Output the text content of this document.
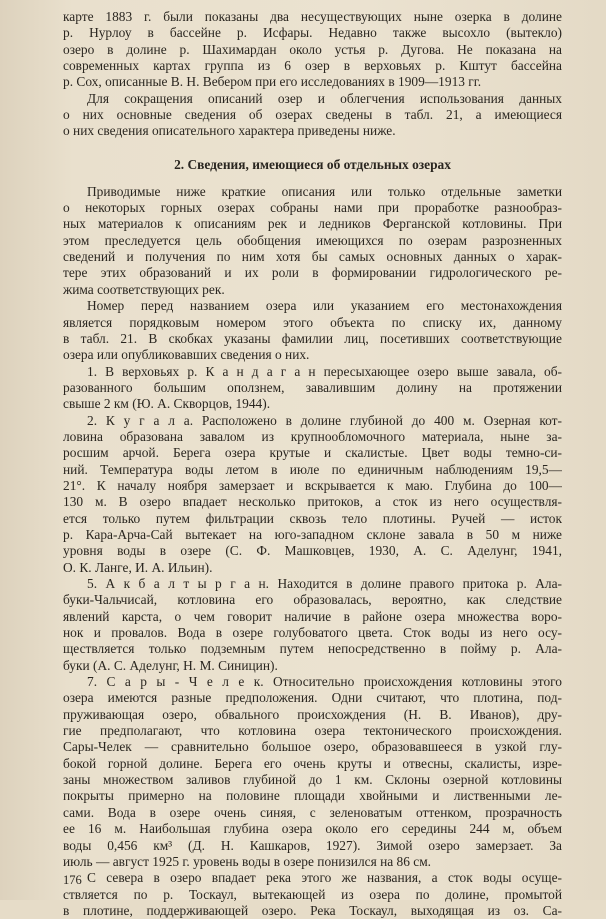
карте 1883 г. были показаны два несуществующих ныне озерка в долине
р. Нурлоу в бассейне р. Исфары. Недавно также высохло (вытекло)
озеро в долине р. Шахимардан около устья р. Дугова. Не показана на
современных картах группа из 6 озер в верховьях р. Кштут бассейна
р. Сох, описанные В. Н. Вебером при его исследованиях в 1909—1913 гг.
Для сокращения описаний озер и облегчения использования данных
о них основные сведения об озерах сведены в табл. 21, а имеющиеся
о них сведения описательного характера приведены ниже.
2. Сведения, имеющиеся об отдельных озерах
Приводимые ниже краткие описания или только отдельные заметки
о некоторых горных озерах собраны нами при проработке разнообраз-
ных материалов к описаниям рек и ледников Ферганской котловины. При
этом преследуется цель обобщения имеющихся по озерам разрозненных
сведений и получения по ним хотя бы самых основных данных о харак-
тере этих образований и их роли в формировании гидрологического ре-
жима соответствующих рек.
Номер перед названием озера или указанием его местонахождения
является порядковым номером этого объекта по списку их, данному
в табл. 21. В скобках указаны фамилии лиц, посетивших соответствующие
озера или опубликовавших сведения о них.
1. В верховьях р. К а н д а г а н пересыхающее озеро выше завала, об-
разованного большим оползнем, завалившим долину на протяжении
свыше 2 км (Ю. А. Скворцов, 1944).
2. К у г а л а. Расположено в долине глубиной до 400 м. Озерная кот-
ловина образована завалом из крупнообломочного материала, ныне за-
росшим арчой. Берега озера крутые и скалистые. Цвет воды темно-си-
ний. Температура воды летом в июле по единичным наблюдениям 19,5—
21°. К началу ноября замерзает и вскрывается к маю. Глубина до 100—
130 м. В озеро впадает несколько притоков, а сток из него осуществля-
ется только путем фильтрации сквозь тело плотины. Ручей — исток
р. Кара-Арча-Сай вытекает на юго-западном склоне завала в 50 м ниже
уровня воды в озере (С. Ф. Машковцев, 1930, А. С. Аделунг, 1941,
О. К. Ланге, И. А. Ильин).
5. А к б а л т ы р г а н. Находится в долине правого притока р. Ала-
буки-Чальчисай, котловина его образовалась, вероятно, как следствие
явлений карста, о чем говорит наличие в районе озера множества воро-
нок и провалов. Вода в озере голубоватого цвета. Сток воды из него осу-
ществляется только подземным путем непосредственно в пойму р. Ала-
буки (А. С. Аделунг, Н. М. Синицин).
7. С а р ы - Ч е л е к. Относительно происхождения котловины этого
озера имеются разные предположения. Одни считают, что плотина, под-
пруживающая озеро, обвального происхождения (Н. В. Иванов), дру-
гие предполагают, что котловина озера тектонического происхождения.
Сары-Челек — сравнительно большое озеро, образовавшееся в узкой глу-
бокой горной долине. Берега его очень круты и отвесны, скалисты, изре-
заны множеством заливов глубиной до 1 км. Склоны озерной котловины
покрыты примерно на половине площади хвойными и лиственными ле-
сами. Вода в озере очень синяя, с зеленоватым оттенком, прозрачность
ее 16 м. Наибольшая глубина озера около его середины 244 м, объем
воды 0,456 км³ (Д. Н. Кашкаров, 1927). Зимой озеро замерзает. За
июль — август 1925 г. уровень воды в озере понизился на 86 см.
С севера в озеро впадает река этого же названия, а сток воды осуще-
ствляется по р. Тоскаул, вытекающей из озера по долине, промытой
в плотине, поддерживающей озеро. Река Тоскаул, выходящая из оз. Са-
176
